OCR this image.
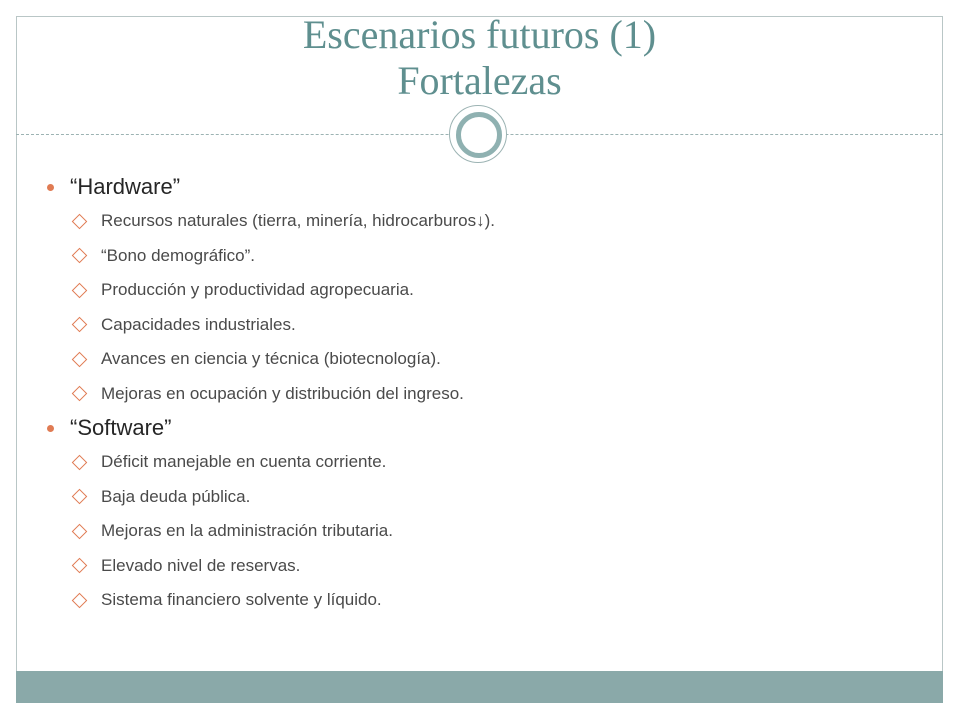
Escenarios futuros (1)
Fortalezas
“Hardware”
Recursos naturales (tierra, minería, hidrocarburos↓).
“Bono demográfico”.
Producción y productividad agropecuaria.
Capacidades industriales.
Avances en ciencia y técnica (biotecnología).
Mejoras en ocupación y distribución del ingreso.
“Software”
Déficit manejable en cuenta corriente.
Baja deuda pública.
Mejoras en la administración tributaria.
Elevado nivel de reservas.
Sistema financiero solvente y líquido.
